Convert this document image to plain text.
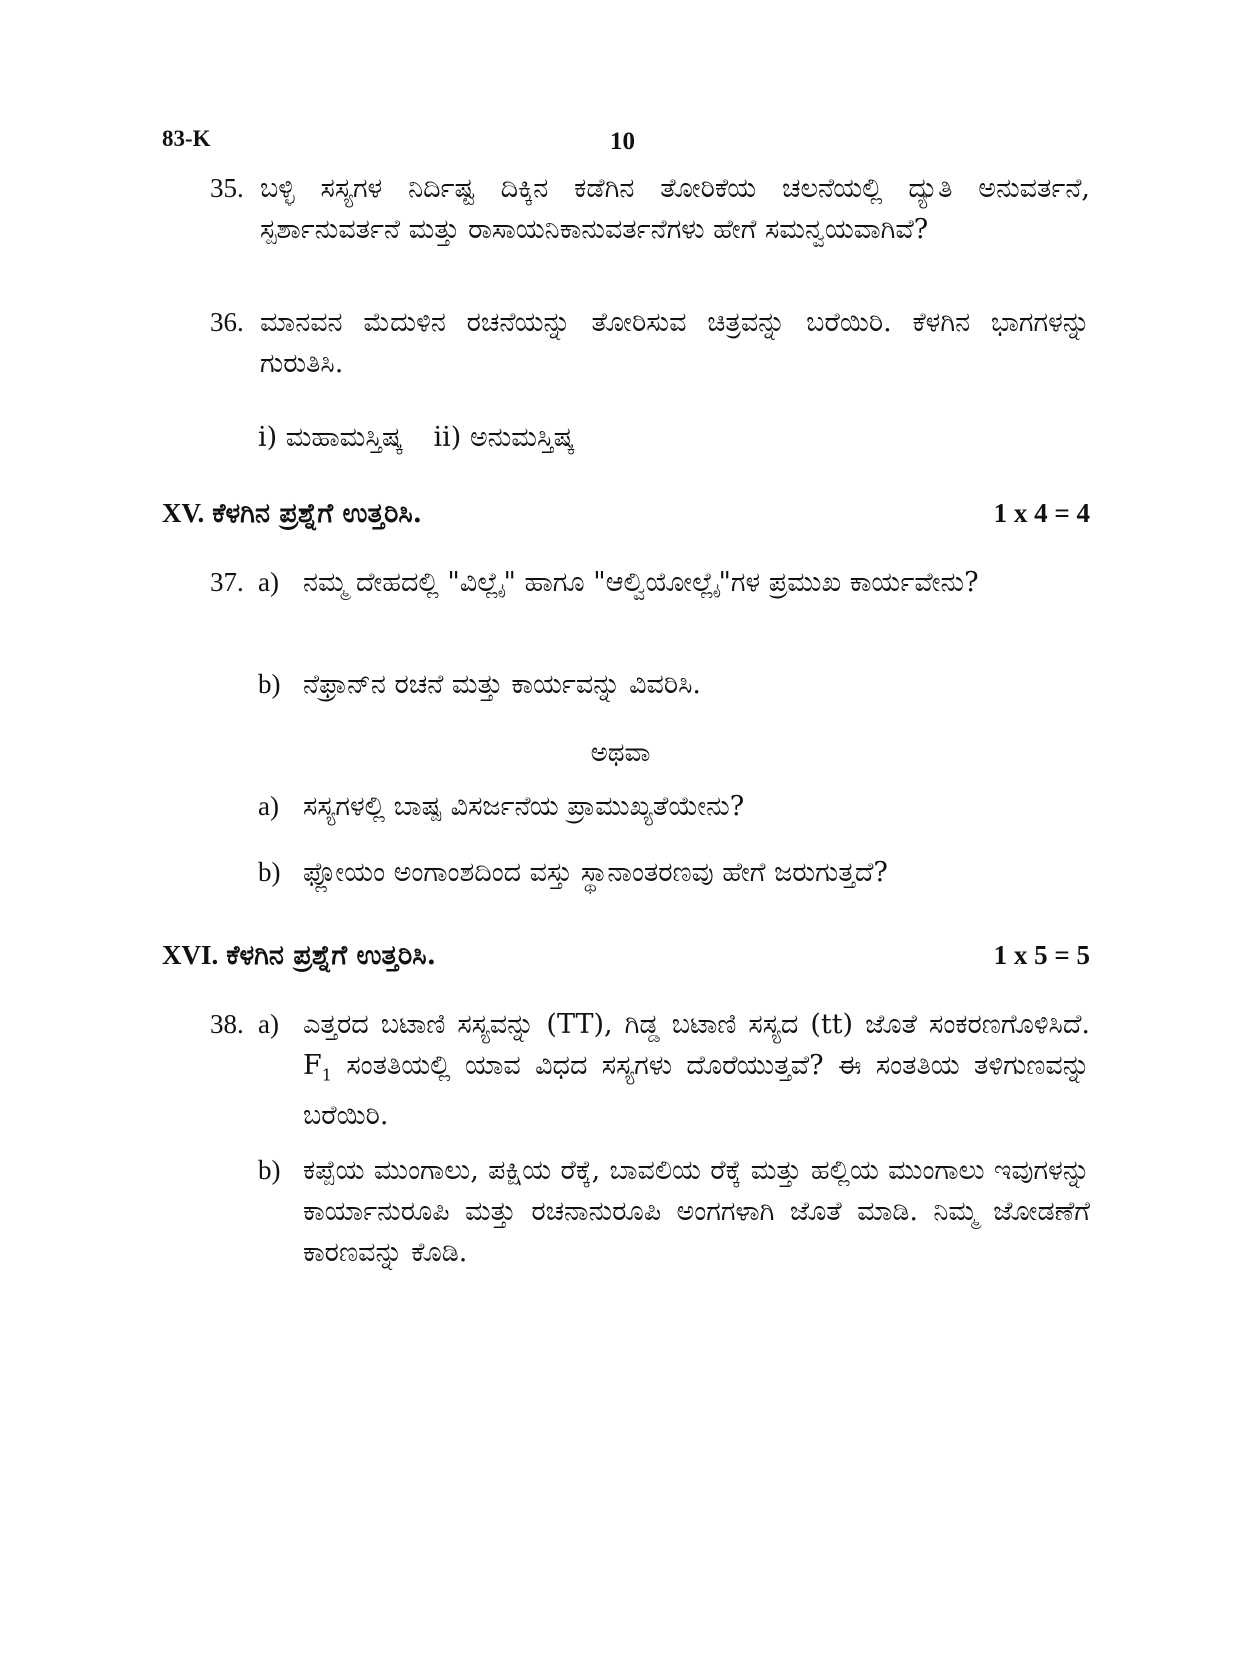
83-K	10
35. ಬಳ್ಳಿ ಸಸ್ಯಗಳ ನಿರ್ದಿಷ್ಟ ದಿಕ್ಕಿನ ಕಡೆಗಿನ ತೋರಿಕೆಯ ಚಲನೆಯಲ್ಲಿ ದ್ಯುತಿ ಅನುವರ್ತನೆ, ಸ್ಪರ್ಶಾನುವರ್ತನೆ ಮತ್ತು ರಾಸಾಯನಿಕಾನುವರ್ತನೆಗಳು ಹೇಗೆ ಸಮನ್ವಯವಾಗಿವೆ?
36. ಮಾನವನ ಮೆದುಳಿನ ರಚನೆಯನ್ನು ತೋರಿಸುವ ಚಿತ್ರವನ್ನು ಬರೆಯಿರಿ. ಕೆಳಗಿನ ಭಾಗಗಳನ್ನು ಗುರುತಿಸಿ.
i) ಮಹಾಮಸ್ತಿಷ್ಕ ii) ಅನುಮಸ್ತಿಷ್ಕ
XV. ಕೆಳಗಿನ ಪ್ರಶ್ನೆಗೆ ಉತ್ತರಿಸಿ.	1 x 4 = 4
37. a) ನಮ್ಮ ದೇಹದಲ್ಲಿ "ವಿಲ್ಲೈ" ಹಾಗೂ "ಆಲ್ವಿಯೋಲ್ಲೈ"ಗಳ ಪ್ರಮುಖ ಕಾರ್ಯವೇನು?
b) ನೆಫ್ರಾನ್‌ನ ರಚನೆ ಮತ್ತು ಕಾರ್ಯವನ್ನು ವಿವರಿಸಿ.
ಅಥವಾ
a) ಸಸ್ಯಗಳಲ್ಲಿ ಬಾಷ್ಪ ವಿಸರ್ಜನೆಯ ಪ್ರಾಮುಖ್ಯತೆಯೇನು?
b) ಫ್ಲೋಯಂ ಅಂಗಾಂಶದಿಂದ ವಸ್ತು ಸ್ಥಾನಾಂತರಣವು ಹೇಗೆ ಜರುಗುತ್ತದೆ?
XVI. ಕೆಳಗಿನ ಪ್ರಶ್ನೆಗೆ ಉತ್ತರಿಸಿ.	1 x 5 = 5
38. a) ಎತ್ತರದ ಬಟಾಣಿ ಸಸ್ಯವನ್ನು (TT), ಗಿಡ್ಡ ಬಟಾಣಿ ಸಸ್ಯದ (tt) ಜೊತೆ ಸಂಕರಣಗೊಳಿಸಿದೆ. $F_1$ ಸಂತತಿಯಲ್ಲಿ ಯಾವ ವಿಧದ ಸಸ್ಯಗಳು ದೊರೆಯುತ್ತವೆ? ಈ ಸಂತತಿಯ ತಳಿಗುಣವನ್ನು ಬರೆಯಿರಿ.
b) ಕಪ್ಪೆಯ ಮುಂಗಾಲು, ಪಕ್ಷಿಯ ರೆಕ್ಕೆ, ಬಾವಲಿಯ ರೆಕ್ಕೆ ಮತ್ತು ಹಲ್ಲಿಯ ಮುಂಗಾಲು ಇವುಗಳನ್ನು ಕಾರ್ಯಾನುರೂಪಿ ಮತ್ತು ರಚನಾನುರೂಪಿ ಅಂಗಗಳಾಗಿ ಜೊತೆ ಮಾಡಿ. ನಿಮ್ಮ ಜೋಡಣೆಗೆ ಕಾರಣವನ್ನು ಕೊಡಿ.
